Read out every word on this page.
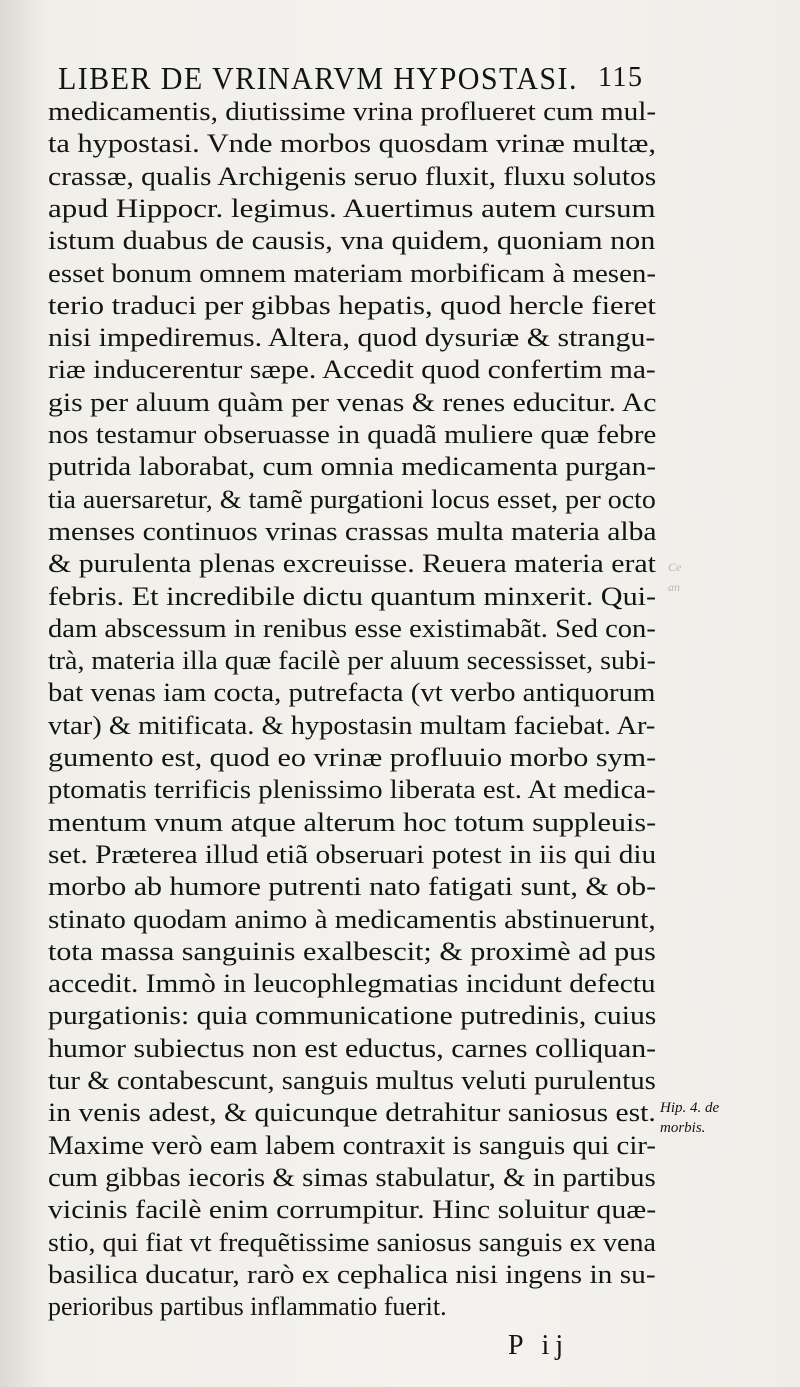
LIBER DE VRINARVM HYPOSTASI. 115
medicamentis, diutissime vrina proflueret cum mul-
ta hypostasi. Vnde morbos quosdam vrinæ multæ,
crassæ, qualis Archigenis seruo fluxit, fluxu solutos
apud Hippocr. legimus. Auertimus autem cursum
istum duabus de causis, vna quidem, quoniam non
esset bonum omnem materiam morbificam à mesen-
terio traduci per gibbas hepatis, quod hercle fieret
nisi impediremus. Altera, quod dysuriæ & strangu-
riæ inducerentur sæpe. Accedit quod confertim ma-
gis per aluum quàm per venas & renes educitur. Ac
nos testamur obseruasse in quadã muliere quæ febre
putrida laborabat, cum omnia medicamenta purgan-
tia auersaretur, & tamẽ purgationi locus esset, per octo
menses continuos vrinas crassas multa materia alba
& purulenta plenas excreuisse. Reuera materia erat
febris. Et incredibile dictu quantum minxerit. Qui-
dam abscessum in renibus esse existimabãt. Sed con-
trà, materia illa quæ facilè per aluum secessisset, subi-
bat venas iam cocta, putrefacta (vt verbo antiquorum
vtar) & mitificata. & hypostasin multam faciebat. Ar-
gumento est, quod eo vrinæ profluuio morbo sym-
ptomatis terrificis plenissimo liberata est. At medica-
mentum vnum atque alterum hoc totum suppleuis-
set. Præterea illud etiã obseruari potest in iis qui diu
morbo ab humore putrenti nato fatigati sunt, & ob-
stinato quodam animo à medicamentis abstinuerunt,
tota massa sanguinis exalbescit; & proximè ad pus
accedit. Immò in leucophlegmatias incidunt defectu
purgationis: quia communicatione putredinis, cuius
humor subiectus non est eductus, carnes colliquan-
tur & contabescunt, sanguis multus veluti purulentus
in venis adest, & quicunque detrahitur saniosus est.
Maxime verò eam labem contraxit is sanguis qui cir-
cum gibbas iecoris & simas stabulatur, & in partibus
vicinis facilè enim corrumpitur. Hinc soluitur quæ-
stio, qui fiat vt frequẽtissime saniosus sanguis ex vena
basilica ducatur, rarò ex cephalica nisi ingens in su-
perioribus partibus inflammatio fuerit.
Hip. 4. de
morbis.
Ce
an
P ij
